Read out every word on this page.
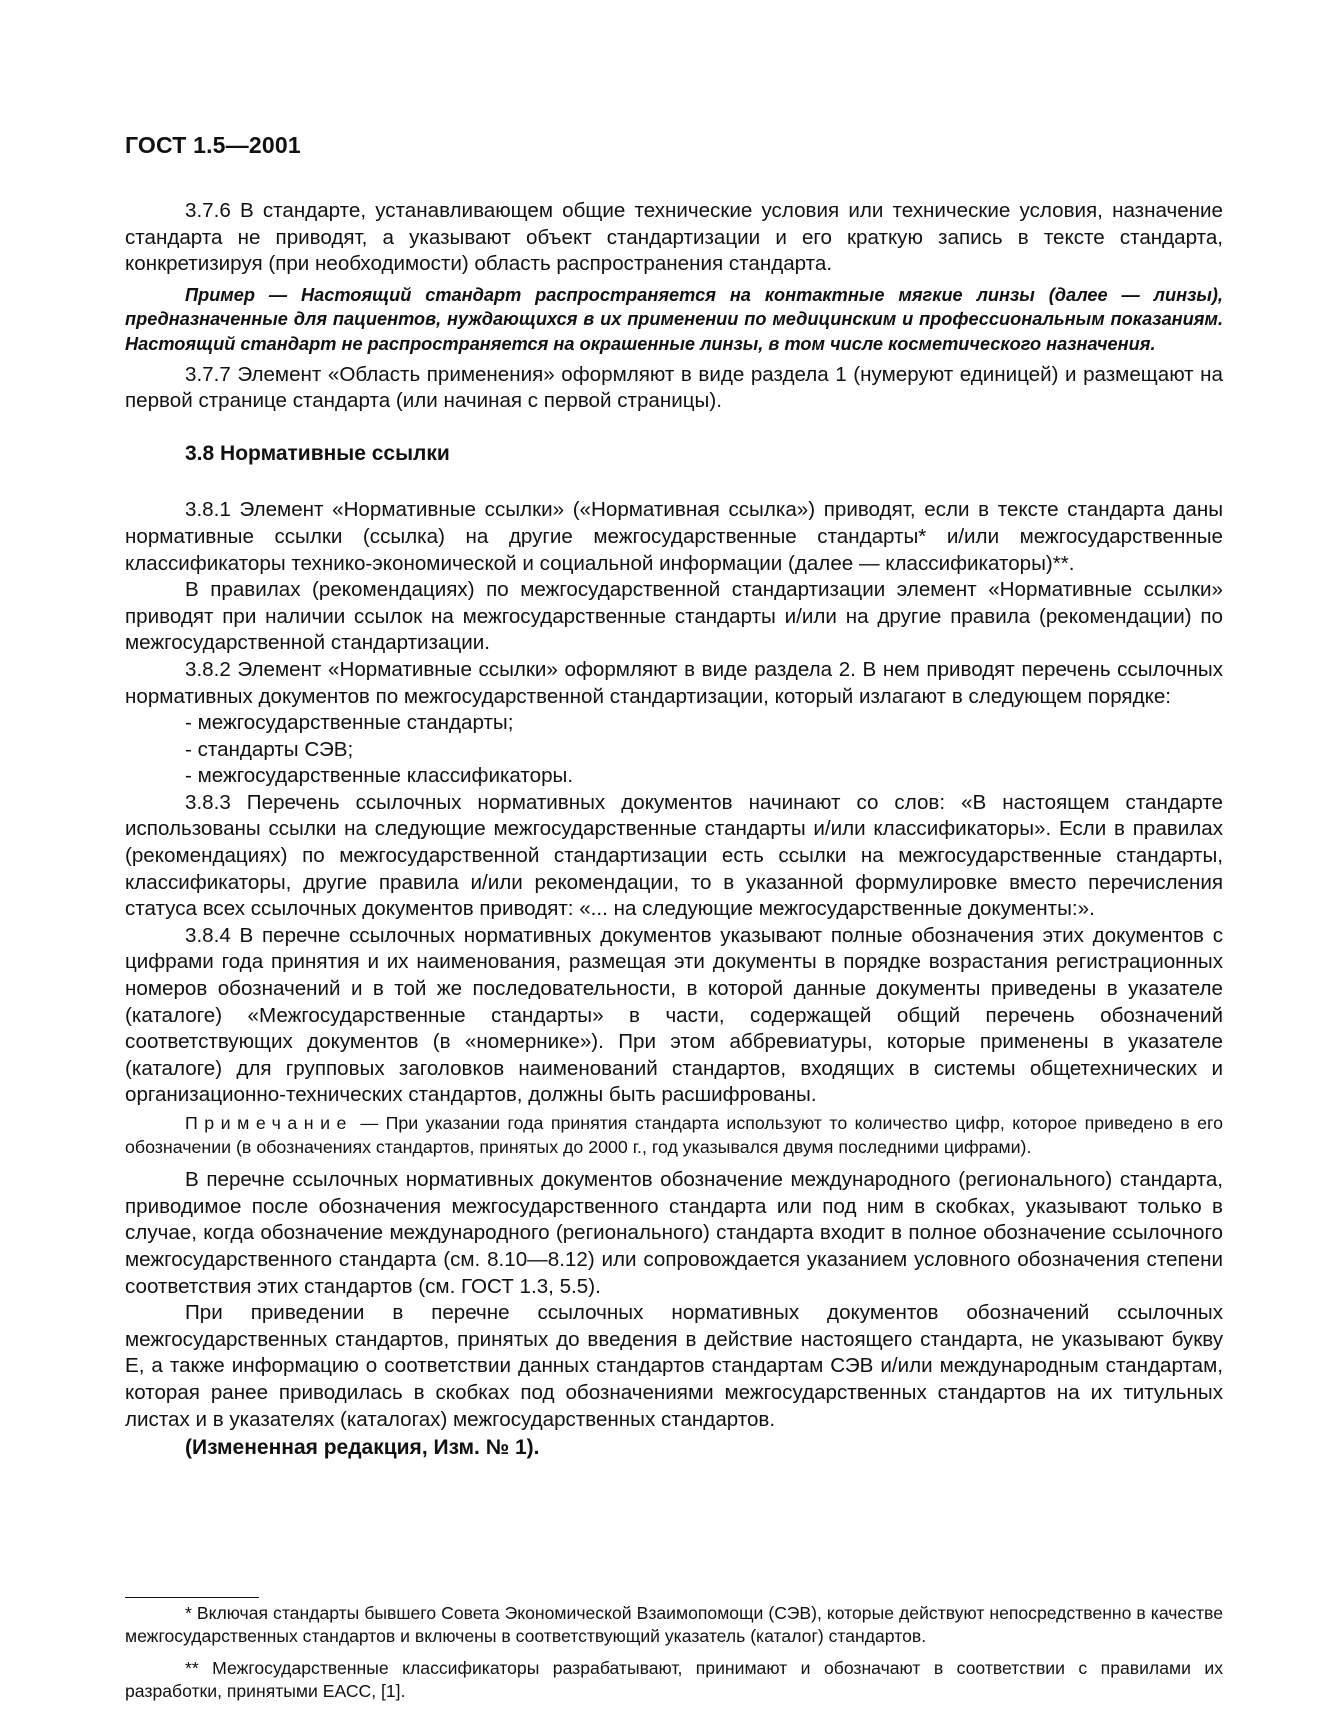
ГОСТ 1.5—2001

3.7.6 В стандарте, устанавливающем общие технические условия или технические условия, назначение стандарта не приводят, а указывают объект стандартизации и его краткую запись в тексте стандарта, конкретизируя (при необходимости) область распространения стандарта.

Пример — Настоящий стандарт распространяется на контактные мягкие линзы (далее — линзы), предназначенные для пациентов, нуждающихся в их применении по медицинским и профессиональным показаниям. Настоящий стандарт не распространяется на окрашенные линзы, в том числе косметического назначения.

3.7.7 Элемент «Область применения» оформляют в виде раздела 1 (нумеруют единицей) и размещают на первой странице стандарта (или начиная с первой страницы).

3.8 Нормативные ссылки

3.8.1 Элемент «Нормативные ссылки» («Нормативная ссылка») приводят, если в тексте стандарта даны нормативные ссылки (ссылка) на другие межгосударственные стандарты* и/или межгосударственные классификаторы технико-экономической и социальной информации (далее — классификаторы)**.

В правилах (рекомендациях) по межгосударственной стандартизации элемент «Нормативные ссылки» приводят при наличии ссылок на межгосударственные стандарты и/или на другие правила (рекомендации) по межгосударственной стандартизации.

3.8.2 Элемент «Нормативные ссылки» оформляют в виде раздела 2. В нем приводят перечень ссылочных нормативных документов по межгосударственной стандартизации, который излагают в следующем порядке:

- межгосударственные стандарты;

- стандарты СЭВ;

- межгосударственные классификаторы.

3.8.3 Перечень ссылочных нормативных документов начинают со слов: «В настоящем стандарте использованы ссылки на следующие межгосударственные стандарты и/или классификаторы». Если в правилах (рекомендациях) по межгосударственной стандартизации есть ссылки на межгосударственные стандарты, классификаторы, другие правила и/или рекомендации, то в указанной формулировке вместо перечисления статуса всех ссылочных документов приводят: «... на следующие межгосударственные документы:».

3.8.4 В перечне ссылочных нормативных документов указывают полные обозначения этих документов с цифрами года принятия и их наименования, размещая эти документы в порядке возрастания регистрационных номеров обозначений и в той же последовательности, в которой данные документы приведены в указателе (каталоге) «Межгосударственные стандарты» в части, содержащей общий перечень обозначений соответствующих документов (в «номернике»). При этом аббревиатуры, которые применены в указателе (каталоге) для групповых заголовков наименований стандартов, входящих в системы общетехнических и организационно-технических стандартов, должны быть расшифрованы.

Примечание — При указании года принятия стандарта используют то количество цифр, которое приведено в его обозначении (в обозначениях стандартов, принятых до 2000 г., год указывался двумя последними цифрами).

В перечне ссылочных нормативных документов обозначение международного (регионального) стандарта, приводимое после обозначения межгосударственного стандарта или под ним в скобках, указывают только в случае, когда обозначение международного (регионального) стандарта входит в полное обозначение ссылочного межгосударственного стандарта (см. 8.10—8.12) или сопровождается указанием условного обозначения степени соответствия этих стандартов (см. ГОСТ 1.3, 5.5).

При приведении в перечне ссылочных нормативных документов обозначений ссылочных межгосударственных стандартов, принятых до введения в действие настоящего стандарта, не указывают букву Е, а также информацию о соответствии данных стандартов стандартам СЭВ и/или международным стандартам, которая ранее приводилась в скобках под обозначениями межгосударственных стандартов на их титульных листах и в указателях (каталогах) межгосударственных стандартов.

(Измененная редакция, Изм. № 1).

* Включая стандарты бывшего Совета Экономической Взаимопомощи (СЭВ), которые действуют непосредственно в качестве межгосударственных стандартов и включены в соответствующий указатель (каталог) стандартов.

** Межгосударственные классификаторы разрабатывают, принимают и обозначают в соответствии с правилами их разработки, принятыми ЕАСС, [1].
